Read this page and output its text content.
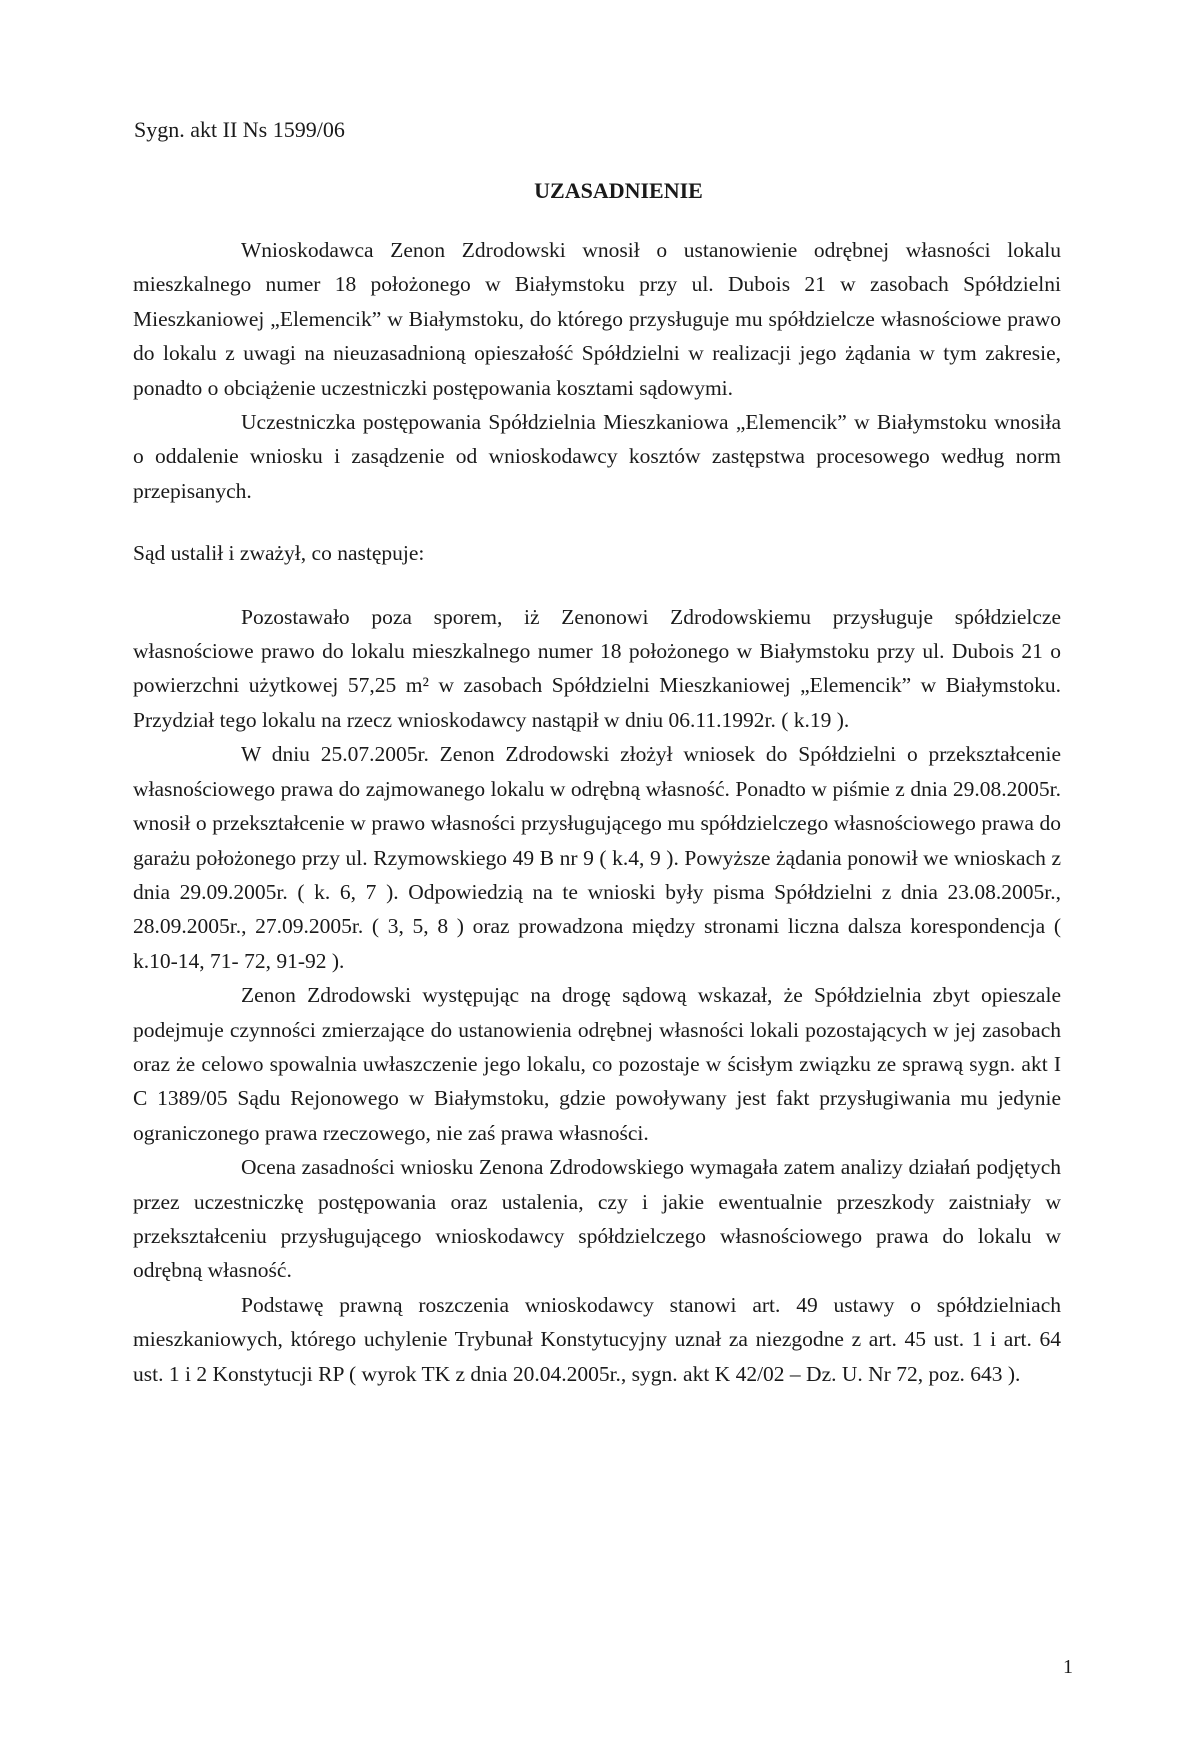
Sygn. akt II Ns 1599/06
UZASADNIENIE

Wnioskodawca Zenon Zdrodowski wnosił o ustanowienie odrębnej własności lokalu mieszkalnego numer 18 położonego w Białymstoku przy ul. Dubois 21 w zasobach Spółdzielni Mieszkaniowej „Elemencik” w Białymstoku, do którego przysługuje mu spółdzielcze własnościowe prawo do lokalu z uwagi na nieuzasadnioną opieszałość Spółdzielni w realizacji jego żądania w tym zakresie, ponadto o obciążenie uczestniczki postępowania kosztami sądowymi.

Uczestniczka postępowania Spółdzielnia Mieszkaniowa „Elemencik” w Białymstoku wnosiła o oddalenie wniosku i zasądzenie od wnioskodawcy kosztów zastępstwa procesowego według norm przepisanych.

Sąd ustalił i zważył, co następuje:

Pozostawało poza sporem, iż Zenonowi Zdrodowskiemu przysługuje spółdzielcze własnościowe prawo do lokalu mieszkalnego numer 18 położonego w Białymstoku przy ul. Dubois 21 o powierzchni użytkowej 57,25 m² w zasobach Spółdzielni Mieszkaniowej „Elemencik” w Białymstoku. Przydział tego lokalu na rzecz wnioskodawcy nastąpił w dniu 06.11.1992r. ( k.19 ).

W dniu 25.07.2005r. Zenon Zdrodowski złożył wniosek do Spółdzielni o przekształcenie własnościowego prawa do zajmowanego lokalu w odrębną własność. Ponadto w piśmie z dnia 29.08.2005r. wnosił o przekształcenie w prawo własności przysługującego mu spółdzielczego własnościowego prawa do garażu położonego przy ul. Rzymowskiego 49 B nr 9 ( k.4, 9 ). Powyższe żądania ponowił we wnioskach z dnia 29.09.2005r. ( k. 6, 7 ). Odpowiedzią na te wnioski były pisma Spółdzielni z dnia 23.08.2005r., 28.09.2005r., 27.09.2005r. ( 3, 5, 8 ) oraz prowadzona między stronami liczna dalsza korespondencja ( k.10-14, 71- 72, 91-92 ).

Zenon Zdrodowski występując na drogę sądową wskazał, że Spółdzielnia zbyt opieszale podejmuje czynności zmierzające do ustanowienia odrębnej własności lokali pozostających w jej zasobach oraz że celowo spowalnia uwłaszczenie jego lokalu, co pozostaje w ścisłym związku ze sprawą sygn. akt I C 1389/05 Sądu Rejonowego w Białymstoku, gdzie powoływany jest fakt przysługiwania mu jedynie ograniczonego prawa rzeczowego, nie zaś prawa własności.

Ocena zasadności wniosku Zenona Zdrodowskiego wymagała zatem analizy działań podjętych przez uczestniczkę postępowania oraz ustalenia, czy i jakie ewentualnie przeszkody zaistniały w przekształceniu przysługującego wnioskodawcy spółdzielczego własnościowego prawa do lokalu w odrębną własność.

Podstawę prawną roszczenia wnioskodawcy stanowi art. 49 ustawy o spółdzielniach mieszkaniowych, którego uchylenie Trybunał Konstytucyjny uznał za niezgodne z art. 45 ust. 1 i art. 64 ust. 1 i 2 Konstytucji RP ( wyrok TK z dnia 20.04.2005r., sygn. akt K 42/02 – Dz. U. Nr 72, poz. 643 ).

1
